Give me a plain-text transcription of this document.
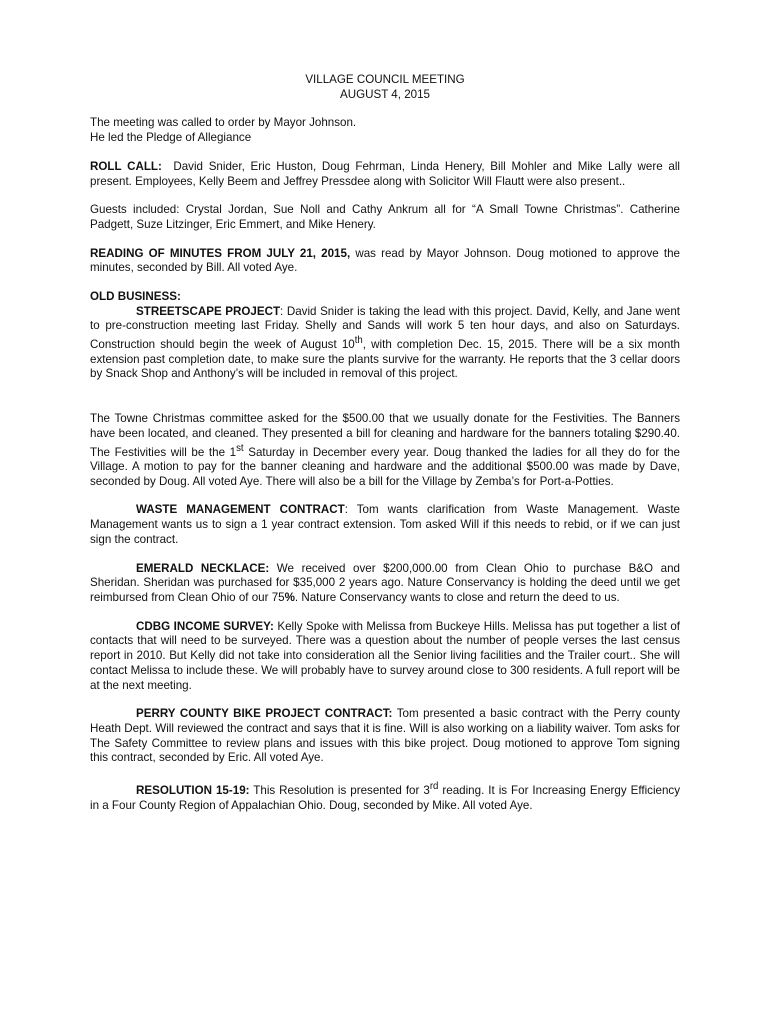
VILLAGE COUNCIL MEETING

AUGUST 4, 2015

The meeting was called to order by Mayor Johnson.

He led the Pledge of Allegiance

ROLL CALL: David Snider, Eric Huston, Doug Fehrman, Linda Henery, Bill Mohler and Mike Lally were all present. Employees, Kelly Beem and Jeffrey Pressdee along with Solicitor Will Flautt were also present..

Guests included: Crystal Jordan, Sue Noll and Cathy Ankrum all for “A Small Towne Christmas”. Catherine Padgett, Suze Litzinger, Eric Emmert, and Mike Henery.

READING OF MINUTES FROM JULY 21, 2015, was read by Mayor Johnson. Doug motioned to approve the minutes, seconded by Bill. All voted Aye.

OLD BUSINESS:

STREETSCAPE PROJECT: David Snider is taking the lead with this project. David, Kelly, and Jane went to pre-construction meeting last Friday. Shelly and Sands will work 5 ten hour days, and also on Saturdays. Construction should begin the week of August 10th, with completion Dec. 15, 2015. There will be a six month extension past completion date, to make sure the plants survive for the warranty. He reports that the 3 cellar doors by Snack Shop and Anthony’s will be included in removal of this project.

The Towne Christmas committee asked for the $500.00 that we usually donate for the Festivities. The Banners have been located, and cleaned. They presented a bill for cleaning and hardware for the banners totaling $290.40. The Festivities will be the 1st Saturday in December every year. Doug thanked the ladies for all they do for the Village. A motion to pay for the banner cleaning and hardware and the additional $500.00 was made by Dave, seconded by Doug. All voted Aye. There will also be a bill for the Village by Zemba’s for Port-a-Potties.

WASTE MANAGEMENT CONTRACT: Tom wants clarification from Waste Management. Waste Management wants us to sign a 1 year contract extension. Tom asked Will if this needs to rebid, or if we can just sign the contract.

EMERALD NECKLACE: We received over $200,000.00 from Clean Ohio to purchase B&O and Sheridan. Sheridan was purchased for $35,000 2 years ago. Nature Conservancy is holding the deed until we get reimbursed from Clean Ohio of our 75%. Nature Conservancy wants to close and return the deed to us.

CDBG INCOME SURVEY: Kelly Spoke with Melissa from Buckeye Hills. Melissa has put together a list of contacts that will need to be surveyed. There was a question about the number of people verses the last census report in 2010. But Kelly did not take into consideration all the Senior living facilities and the Trailer court.. She will contact Melissa to include these. We will probably have to survey around close to 300 residents. A full report will be at the next meeting.

PERRY COUNTY BIKE PROJECT CONTRACT: Tom presented a basic contract with the Perry county Heath Dept. Will reviewed the contract and says that it is fine. Will is also working on a liability waiver. Tom asks for The Safety Committee to review plans and issues with this bike project. Doug motioned to approve Tom signing this contract, seconded by Eric. All voted Aye.

RESOLUTION 15-19: This Resolution is presented for 3rd reading. It is For Increasing Energy Efficiency in a Four County Region of Appalachian Ohio. Doug, seconded by Mike. All voted Aye.
